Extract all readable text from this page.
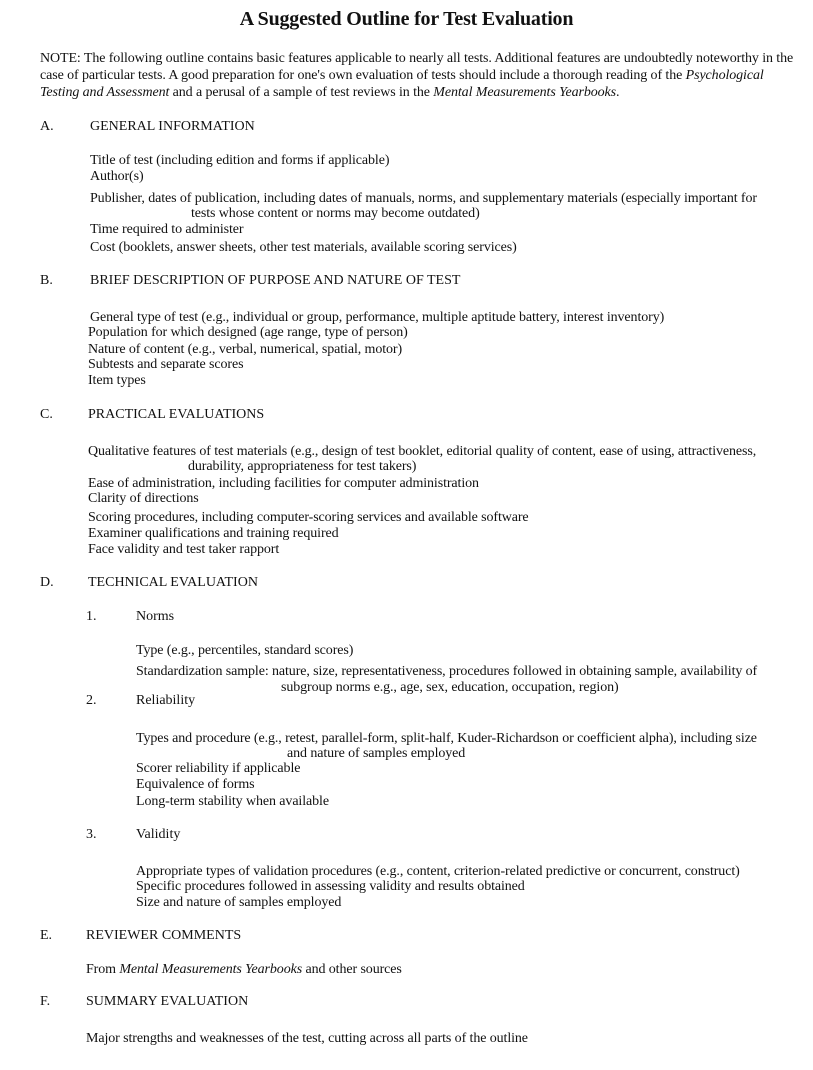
A Suggested Outline for Test Evaluation
NOTE: The following outline contains basic features applicable to nearly all tests. Additional features are undoubtedly noteworthy in the case of particular tests. A good preparation for one's own evaluation of tests should include a thorough reading of the Psychological Testing and Assessment and a perusal of a sample of test reviews in the Mental Measurements Yearbooks.
A.	GENERAL INFORMATION
Title of test (including edition and forms if applicable)
Author(s)
Publisher, dates of publication, including dates of manuals, norms, and supplementary materials (especially important for
tests whose content or norms may become outdated)
Time required to administer
Cost (booklets, answer sheets, other test materials, available scoring services)
B.	BRIEF DESCRIPTION OF PURPOSE AND NATURE OF TEST
General type of test (e.g., individual or group, performance, multiple aptitude battery, interest inventory)
Population for which designed (age range, type of person)
Nature of content (e.g., verbal, numerical, spatial, motor)
Subtests and separate scores
Item types
C.	PRACTICAL EVALUATIONS
Qualitative features of test materials (e.g., design of test booklet, editorial quality of content, ease of using, attractiveness,
durability, appropriateness for test takers)
Ease of administration, including facilities for computer administration
Clarity of directions
Scoring procedures, including computer-scoring services and available software
Examiner qualifications and training required
Face validity and test taker rapport
D. TECHNICAL EVALUATION
1.	Norms
Type (e.g., percentiles, standard scores)
Standardization sample: nature, size, representativeness, procedures followed in obtaining sample, availability of
subgroup norms e.g., age, sex, education, occupation, region)
2.	Reliability
Types and procedure (e.g., retest, parallel-form, split-half, Kuder-Richardson or coefficient alpha), including size
and nature of samples employed
Scorer reliability if applicable
Equivalence of forms
Long-term stability when available
3.	Validity
Appropriate types of validation procedures (e.g., content, criterion-related predictive or concurrent, construct)
Specific procedures followed in assessing validity and results obtained
Size and nature of samples employed
E. REVIEWER COMMENTS
From Mental Measurements Yearbooks and other sources
F.	SUMMARY EVALUATION
Major strengths and weaknesses of the test, cutting across all parts of the outline
